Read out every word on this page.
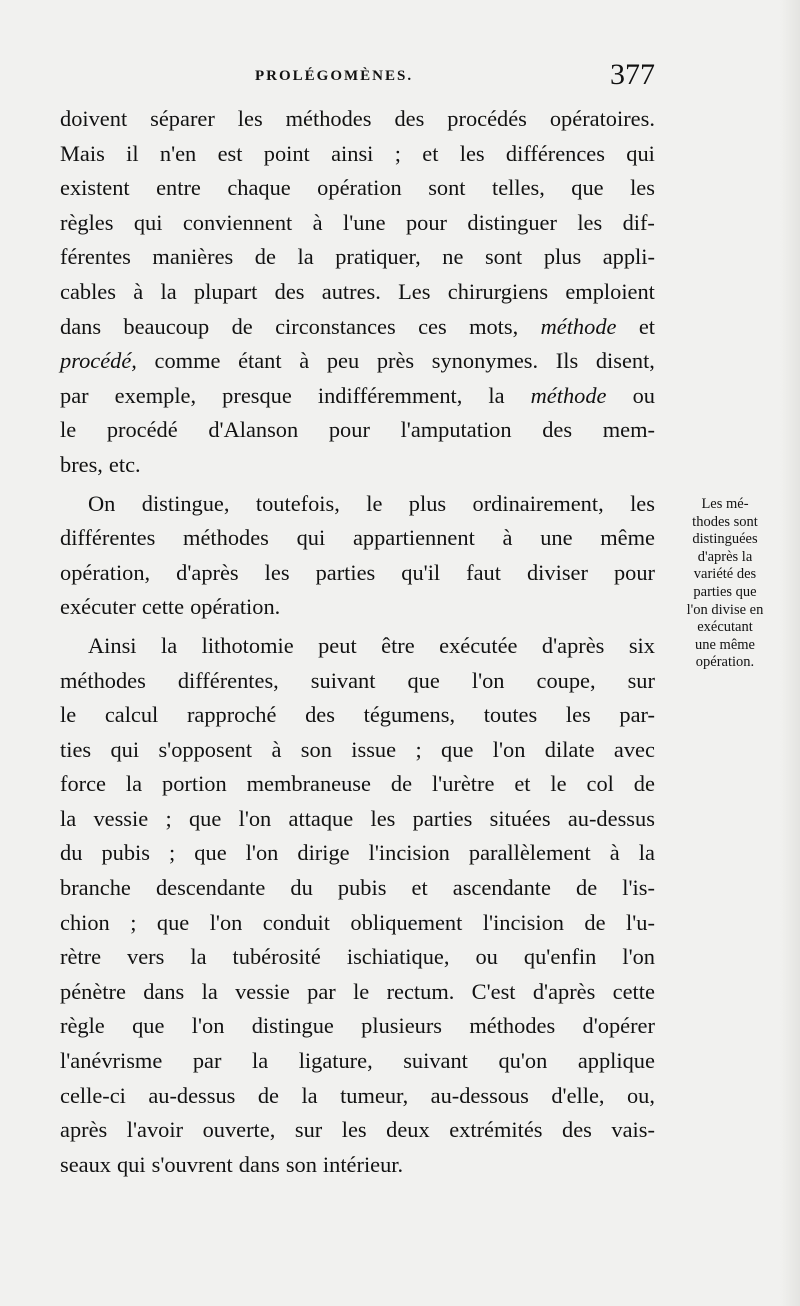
PROLÉGOMÈNES.	377
doivent séparer les méthodes des procédés opératoires.
Mais il n'en est point ainsi ; et les différences qui
existent entre chaque opération sont telles, que les
règles qui conviennent à l'une pour distinguer les dif-
férentes manières de la pratiquer, ne sont plus appli-
cables à la plupart des autres. Les chirurgiens emploient
dans beaucoup de circonstances ces mots, méthode et
procédé, comme étant à peu près synonymes. Ils disent,
par exemple, presque indifféremment, la méthode ou
le procédé d'Alanson pour l'amputation des mem-
bres, etc.
On distingue, toutefois, le plus ordinairement, les
différentes méthodes qui appartiennent à une même
opération, d'après les parties qu'il faut diviser pour
exécuter cette opération.
Ainsi la lithotomie peut être exécutée d'après six
méthodes différentes, suivant que l'on coupe, sur
le calcul rapproché des tégumens, toutes les par-
ties qui s'opposent à son issue ; que l'on dilate avec
force la portion membraneuse de l'urètre et le col de
la vessie ; que l'on attaque les parties situées au-dessus
du pubis ; que l'on dirige l'incision parallèlement à la
branche descendante du pubis et ascendante de l'is-
chion ; que l'on conduit obliquement l'incision de l'u-
rètre vers la tubérosité ischiatique, ou qu'enfin l'on
pénètre dans la vessie par le rectum. C'est d'après cette
règle que l'on distingue plusieurs méthodes d'opérer
l'anévrisme par la ligature, suivant qu'on applique
celle-ci au-dessus de la tumeur, au-dessous d'elle, ou,
après l'avoir ouverte, sur les deux extrémités des vais-
seaux qui s'ouvrent dans son intérieur.
Les mé-
thodes sont
distinguées
d'après la
variété des
parties que
l'on divise en
exécutant
une même
opération.
